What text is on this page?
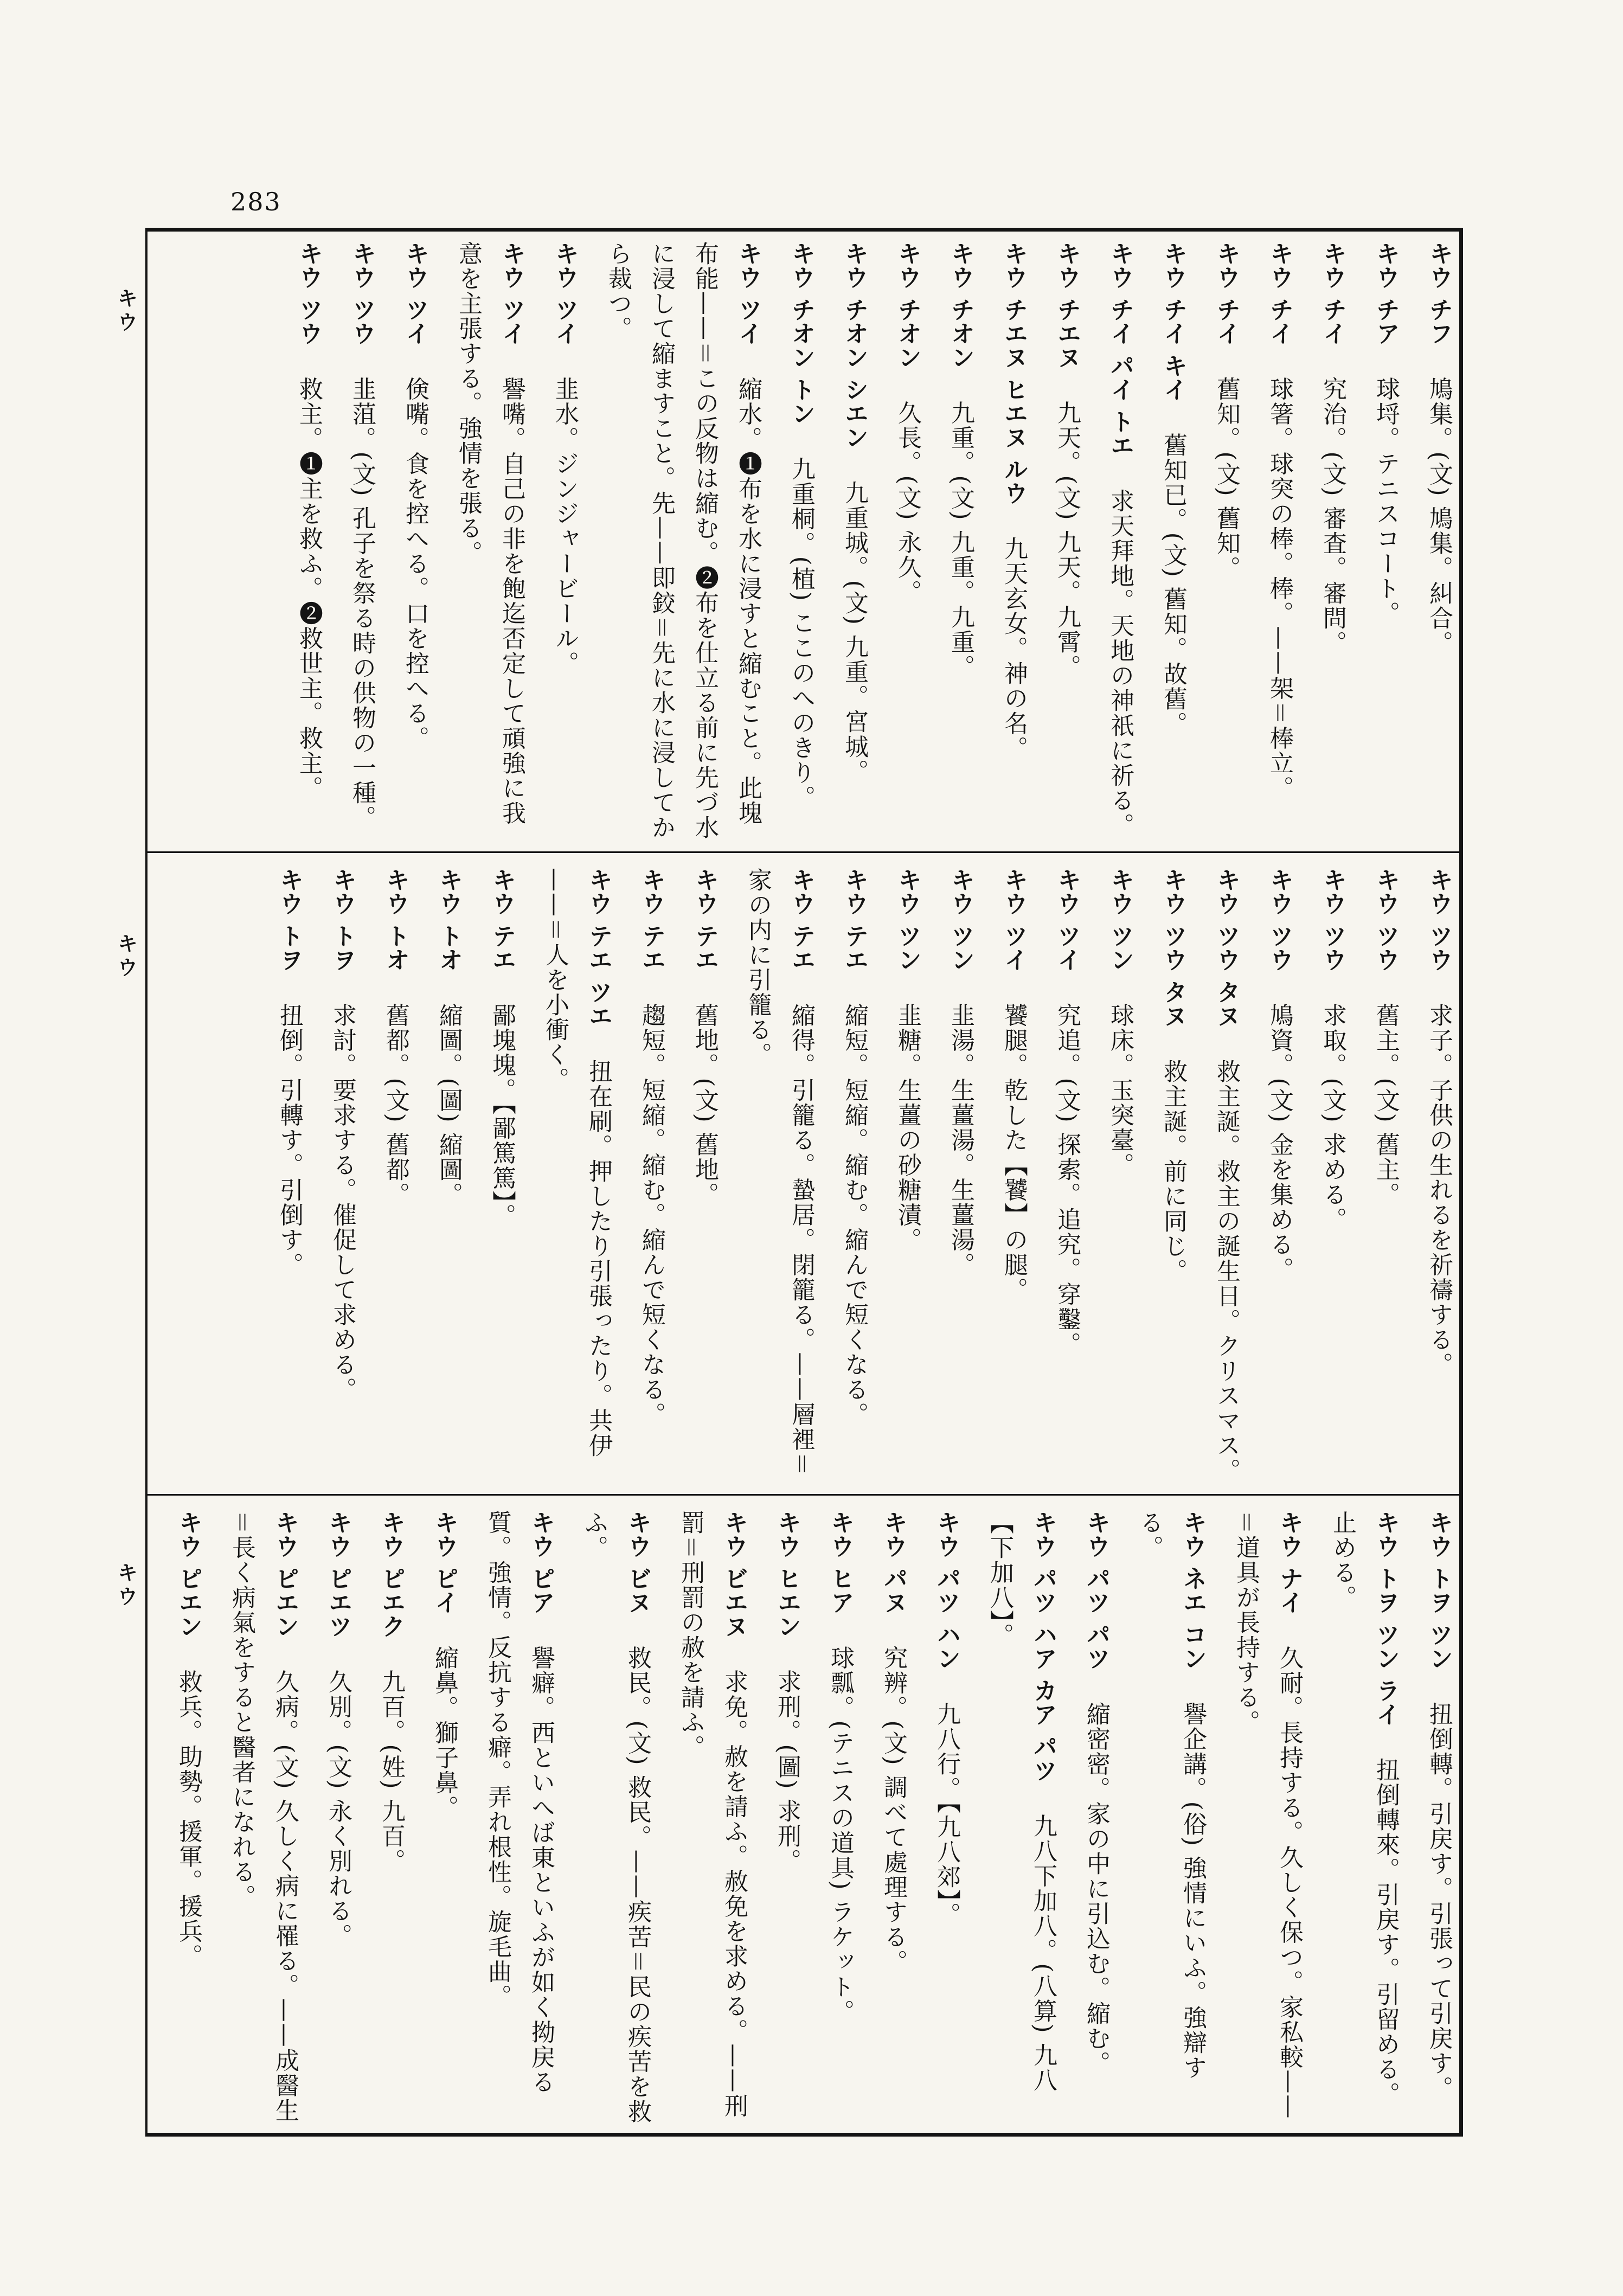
283
キウ
キウ
キウ
キウ チフ　鳩集。(文) 鳩集。糾合。
キウ チア　球埒。テニスコート。
キウ チイ　究治。(文) 審査。審問。
キウ チイ　球箸。球突の棒。棒。——架＝棒立。
キウ チイ　舊知。(文) 舊知。
キウ チイ キイ　舊知已。(文) 舊知。故舊。
キウ チイ パイ トエ　求天拜地。天地の神祇に祈る。
キウ チエヌ　九天。(文) 九天。九霄。
キウ チエヌ ヒエヌ ルウ　九天玄女。神の名。
キウ チオン　九重。(文) 九重。九重。
キウ チオン　久長。(文) 永久。
キウ チオン シエン　九重城。(文) 九重。宮城。
キウ チオン トン　九重桐。(植) ここのへのきり。
キウ ツイ　縮水。❶布を水に浸すと縮むこと。此塊布能——＝この反物は縮む。❷布を仕立る前に先づ水に浸して縮ますこと。先——即鉸＝先に水に浸してから裁つ。
キウ ツイ　韭水。ジンジャービール。
キウ ツイ　譽嘴。自己の非を飽迄否定して頑強に我意を主張する。強情を張る。
キウ ツイ　倹嘴。食を控へる。口を控へる。
キウ ツウ　韭菹。(文) 孔子を祭る時の供物の一種。
キウ ツウ　救主。❶主を救ふ。❷救世主。救主。
キウ ツウ　求子。子供の生れるを祈禱する。
キウ ツウ　舊主。(文) 舊主。
キウ ツウ　求取。(文) 求める。
キウ ツウ　鳩資。(文) 金を集める。
キウ ツウ タヌ　救主誕。救主の誕生日。クリスマス。
キウ ツウ タヌ　救主誕。前に同じ。
キウ ツン　球床。玉突臺。
キウ ツイ　究追。(文) 探索。追究。穿鑿。
キウ ツイ　饕腿。乾した【饕】の腿。
キウ ツン　韭湯。生薑湯。生薑湯。
キウ ツン　韭糖。生薑の砂糖漬。
キウ テエ　縮短。短縮。縮む。縮んで短くなる。
キウ テエ　縮得。引籠る。蟄居。閉籠る。——層裡＝家の内に引籠る。
キウ テエ　舊地。(文) 舊地。
キウ テエ　趨短。短縮。縮む。縮んで短くなる。
キウ テエ ツエ　扭在刷。押したり引張ったり。共伊——＝人を小衝く。
キウ テエ　鄙塊塊。【鄙篤篤】。
キウ トオ　縮圖。(圖) 縮圖。
キウ トオ　舊都。(文) 舊都。
キウ トヲ　求討。要求する。催促して求める。
キウ トヲ　扭倒。引轉す。引倒す。
キウ トヲ ツン　扭倒轉。引戻す。引張って引戻す。
キウ トヲ ツン ライ　扭倒轉來。引戻す。引留める。止める。
キウ ナイ　久耐。長持する。久しく保つ。家私較——＝道具が長持する。
キウ ネエ コン　譽企講。(俗) 強情にいふ。強辯する。
キウ パツ パツ　縮密密。家の中に引込む。縮む。
キウ パツ ハア カア パツ　九八下加八。(八算) 九八【下加八】。
キウ パツ ハン　九八行。【九八郊】。
キウ パヌ　究辨。(文) 調べて處理する。
キウ ヒア　球瓢。(テニスの道具) ラケット。
キウ ヒエン　求刑。(圖) 求刑。
キウ ビエヌ　求免。赦を請ふ。赦免を求める。——刑罰＝刑罰の赦を請ふ。
キウ ビヌ　救民。(文) 救民。——疾苦＝民の疾苦を救ふ。
キウ ピア　譽癖。西といへば東といふが如く拗戻る質。強情。反抗する癖。弄れ根性。旋毛曲。
キウ ピイ　縮鼻。獅子鼻。
キウ ピエク　九百。(姓) 九百。
キウ ピエツ　久別。(文) 永く別れる。
キウ ピエン　久病。(文) 久しく病に罹る。——成醫生＝長く病氣をすると醫者になれる。
キウ ピエン　救兵。助勢。援軍。援兵。
